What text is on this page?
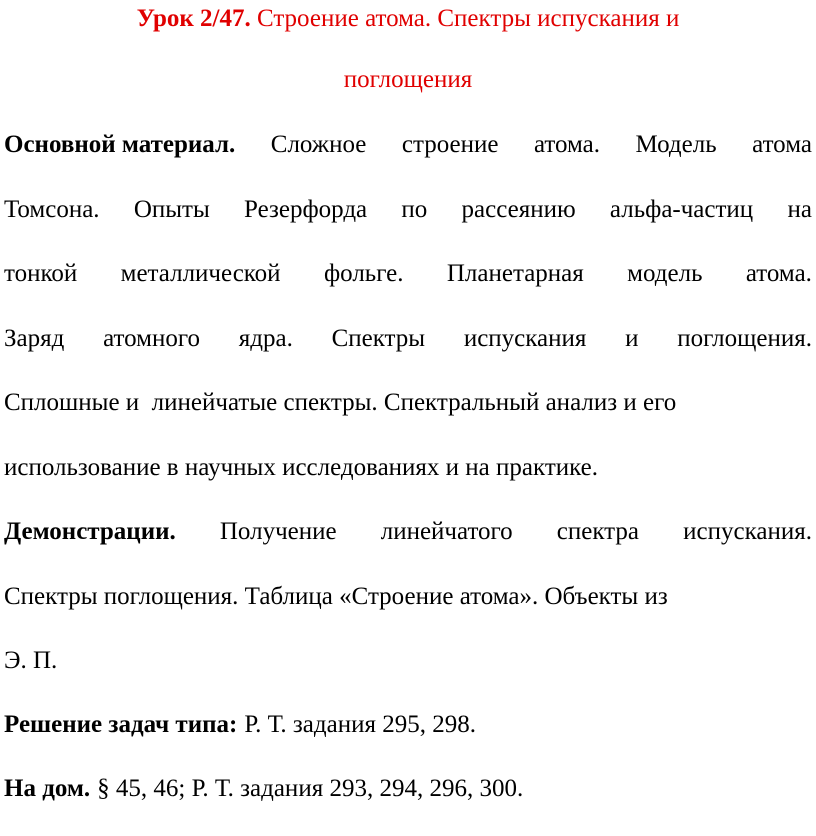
Урок 2/47. Строение атома. Спектры испускания и
поглощения
Основной материал. Сложное строение атома. Модель атома
Томсона. Опыты Резерфорда по рассеянию альфа-частиц на
тонкой металлической фольге. Планетарная модель атома.
Заряд атомного ядра. Спектры испускания и поглощения.
Сплошные и  линейчатые спектры. Спектральный анализ и его
использование в научных исследованиях и на практике.
Демонстрации. Получение линейчатого спектра испускания.
Спектры поглощения. Таблица «Строение атома». Объекты из
Э. П.
Решение задач типа: Р. Т. задания 295, 298.
На дом. § 45, 46; Р. Т. задания 293, 294, 296, 300.
